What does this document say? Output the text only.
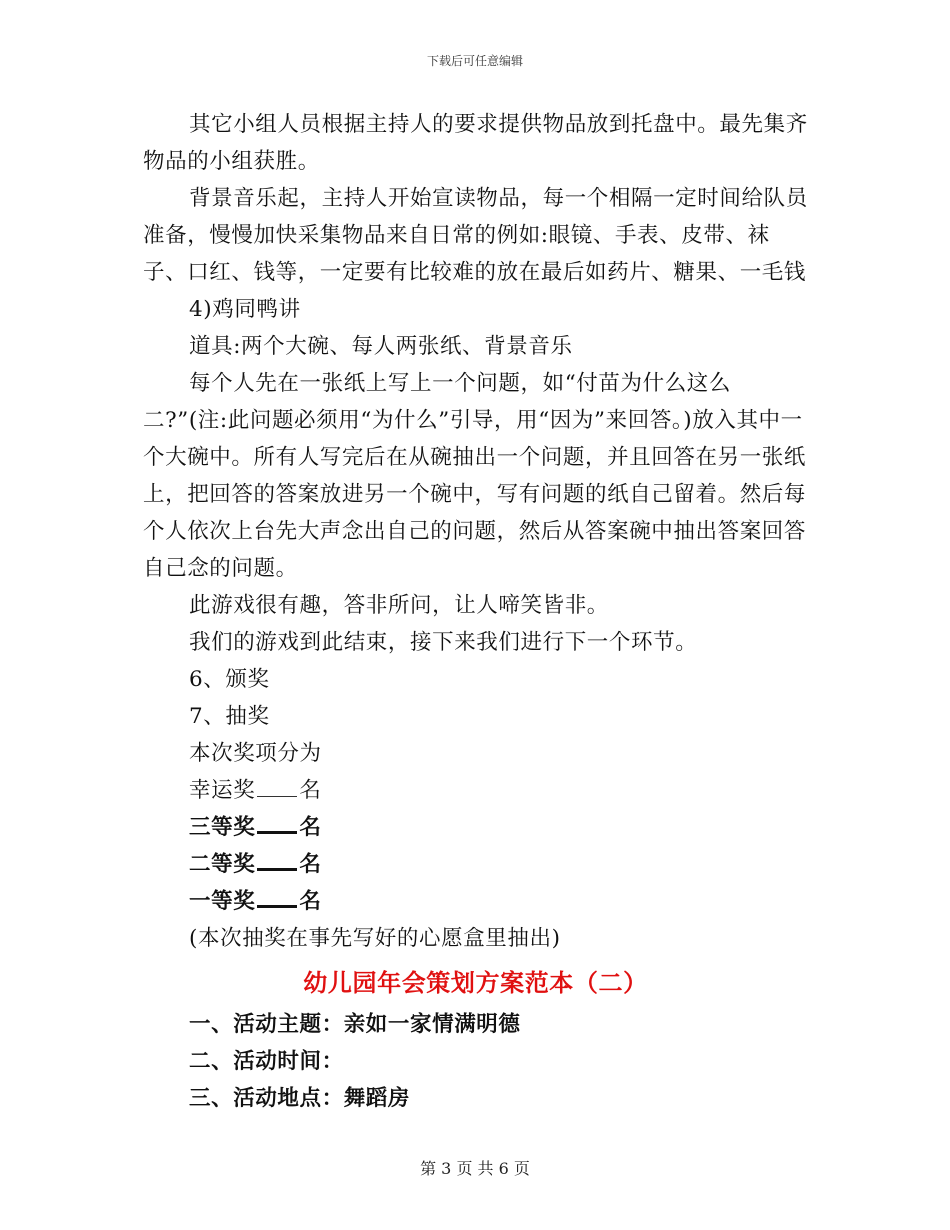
下载后可任意编辑

其它小组人员根据主持人的要求提供物品放到托盘中。最先集齐物品的小组获胜。

背景音乐起，主持人开始宣读物品，每一个相隔一定时间给队员准备，慢慢加快采集物品来自日常的例如:眼镜、手表、皮带、袜子、口红、钱等，一定要有比较难的放在最后如药片、糖果、一毛钱

4)鸡同鸭讲

道具:两个大碗、每人两张纸、背景音乐

每个人先在一张纸上写上一个问题，如“付苗为什么这么二?”(注:此问题必须用“为什么”引导，用“因为”来回答。)放入其中一个大碗中。所有人写完后在从碗抽出一个问题，并且回答在另一张纸上，把回答的答案放进另一个碗中，写有问题的纸自己留着。然后每个人依次上台先大声念出自己的问题，然后从答案碗中抽出答案回答自己念的问题。

此游戏很有趣，答非所问，让人啼笑皆非。

我们的游戏到此结束，接下来我们进行下一个环节。

6、颁奖

7、抽奖

本次奖项分为

幸运奖 名

三等奖 名

二等奖 名

一等奖 名

(本次抽奖在事先写好的心愿盒里抽出)

幼儿园年会策划方案范本（二）

一、活动主题：亲如一家情满明德

二、活动时间：

三、活动地点：舞蹈房

第 3 页 共 6 页
